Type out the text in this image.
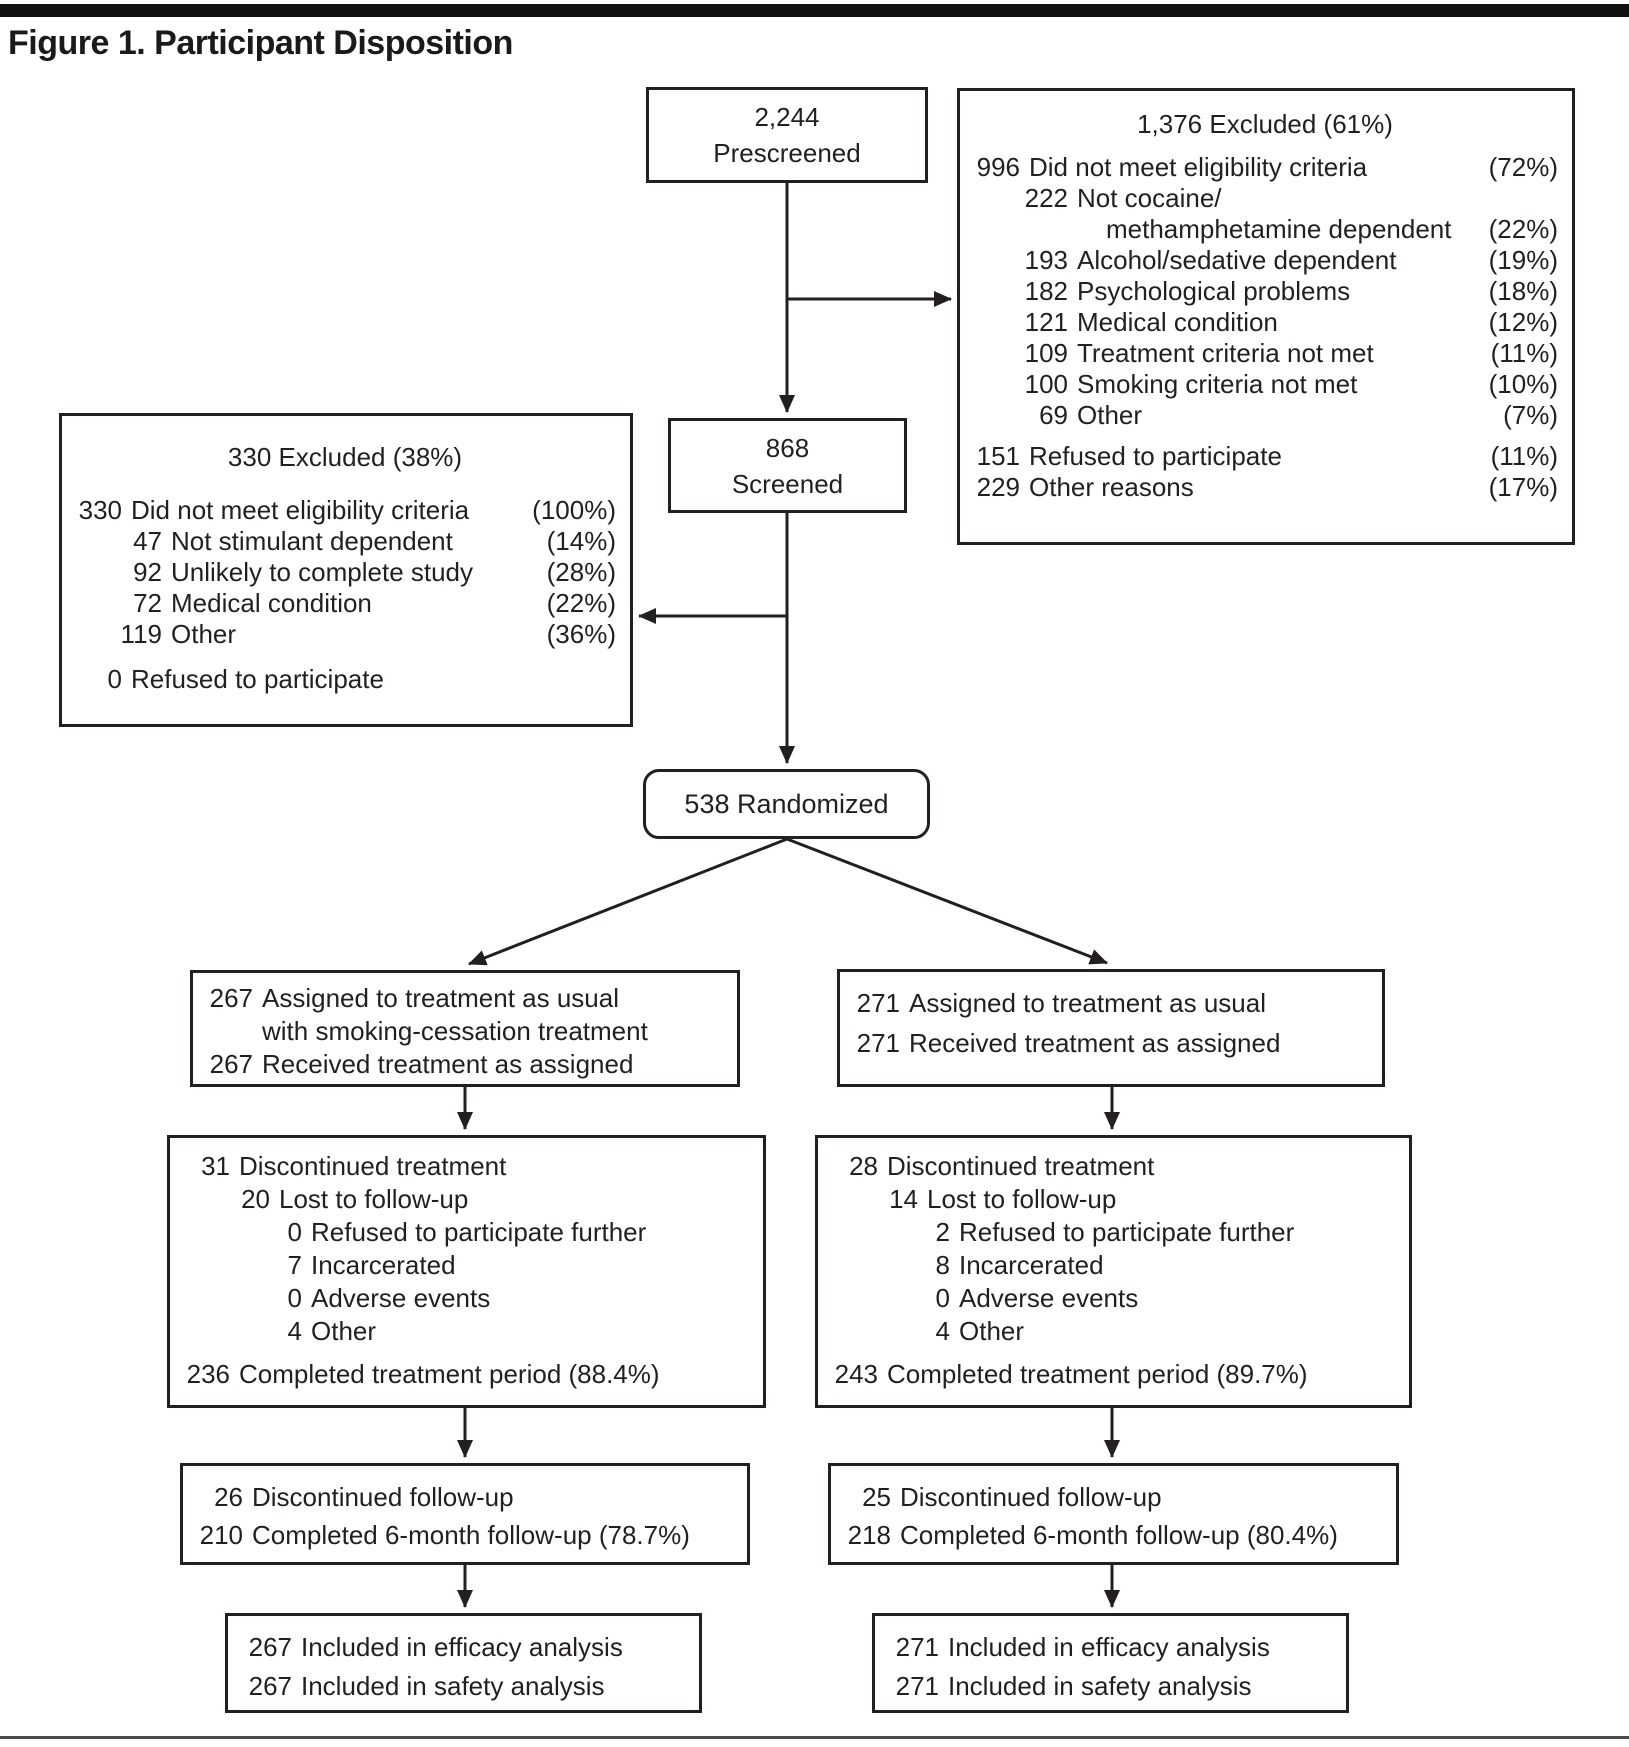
Figure 1. Participant Disposition
2,244
Prescreened
1,376 Excluded (61%)
996 Did not meet eligibility criteria	(72%)
222 Not cocaine/
methamphetamine dependent	(22%)
193 Alcohol/sedative dependent	(19%)
182 Psychological problems	(18%)
121 Medical condition	(12%)
109 Treatment criteria not met	(11%)
100 Smoking criteria not met	(10%)
69 Other	(7%)
151 Refused to participate	(11%)
229 Other reasons	(17%)
868
Screened
330 Excluded (38%)
330 Did not meet eligibility criteria	(100%)
47 Not stimulant dependent	(14%)
92 Unlikely to complete study	(28%)
72 Medical condition	(22%)
119 Other	(36%)
0 Refused to participate
538 Randomized
267 Assigned to treatment as usual
with smoking-cessation treatment
267 Received treatment as assigned
271 Assigned to treatment as usual
271 Received treatment as assigned
31 Discontinued treatment
20 Lost to follow-up
0 Refused to participate further
7 Incarcerated
0 Adverse events
4 Other
236 Completed treatment period (88.4%)
28 Discontinued treatment
14 Lost to follow-up
2 Refused to participate further
8 Incarcerated
0 Adverse events
4 Other
243 Completed treatment period (89.7%)
26 Discontinued follow-up
210 Completed 6-month follow-up (78.7%)
25 Discontinued follow-up
218 Completed 6-month follow-up (80.4%)
267 Included in efficacy analysis
267 Included in safety analysis
271 Included in efficacy analysis
271 Included in safety analysis
